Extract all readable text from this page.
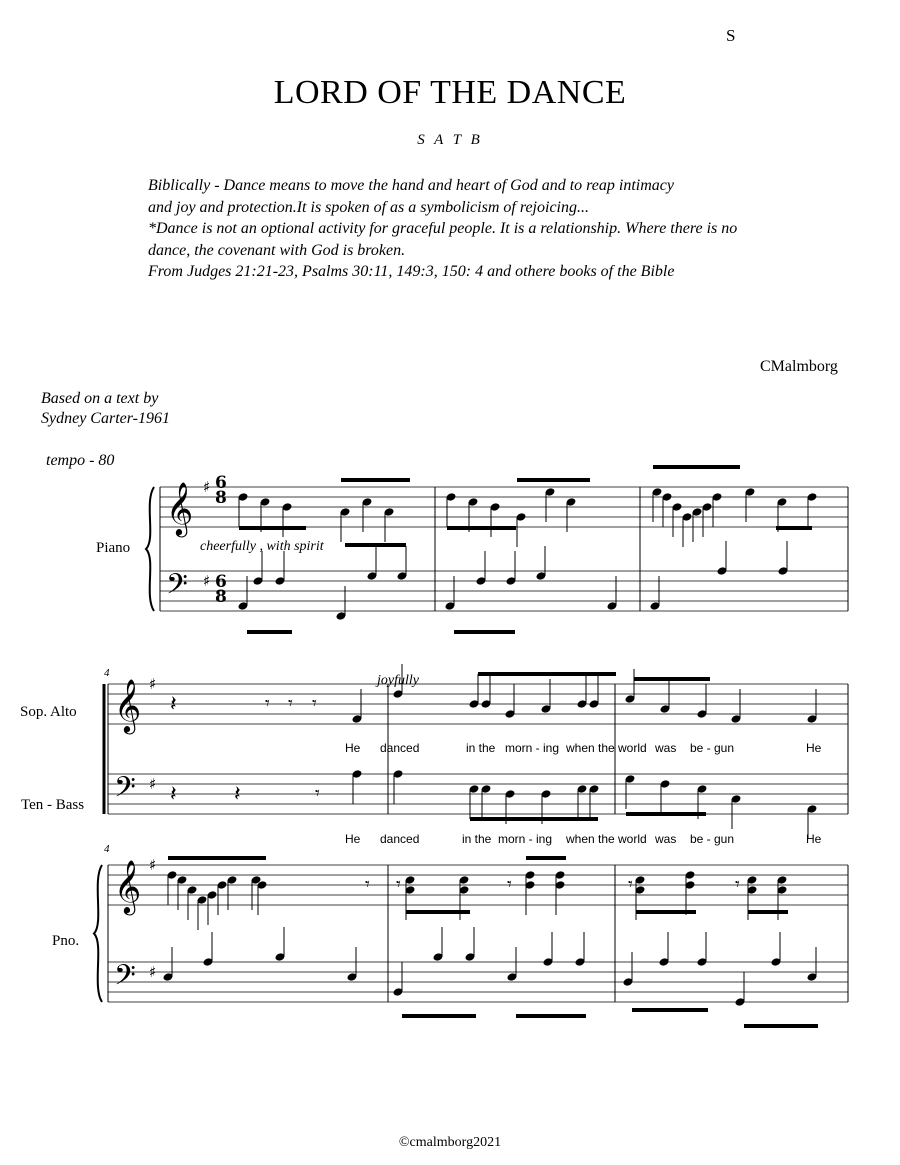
S
LORD OF THE DANCE
S A T B
Biblically - Dance means to move the hand and heart of God and to reap intimacy
and joy and protection.It is spoken of as a symbolicism of rejoicing...
*Dance is not an optional activity for graceful people. It is a relationship. Where there is no
dance, the covenant with God is broken.
From Judges 21:21-23, Psalms 30:11, 149:3, 150: 4 and othere books of the Bible
CMalmborg
Based on a text by
Sydney Carter-1961
tempo - 80
Piano	cheerfully , with spirit
4
4
joyfully
Sop. Alto
Ten - Bass
Pno.
6
8
6
8
He danced	in the morn - ing when the world was be - gun	He
He danced	in the morn - ing when the world was be - gun	He
𝄞
𝄢
♯
♯
𝄞
𝄢
𝄞
𝄢
♯
♯
♯
♯
𝄽	𝄾 𝄾 𝄾
𝄽	𝄽	𝄾
𝄾 𝄾	𝄾	𝄾	𝄾
©cmalmborg2021
